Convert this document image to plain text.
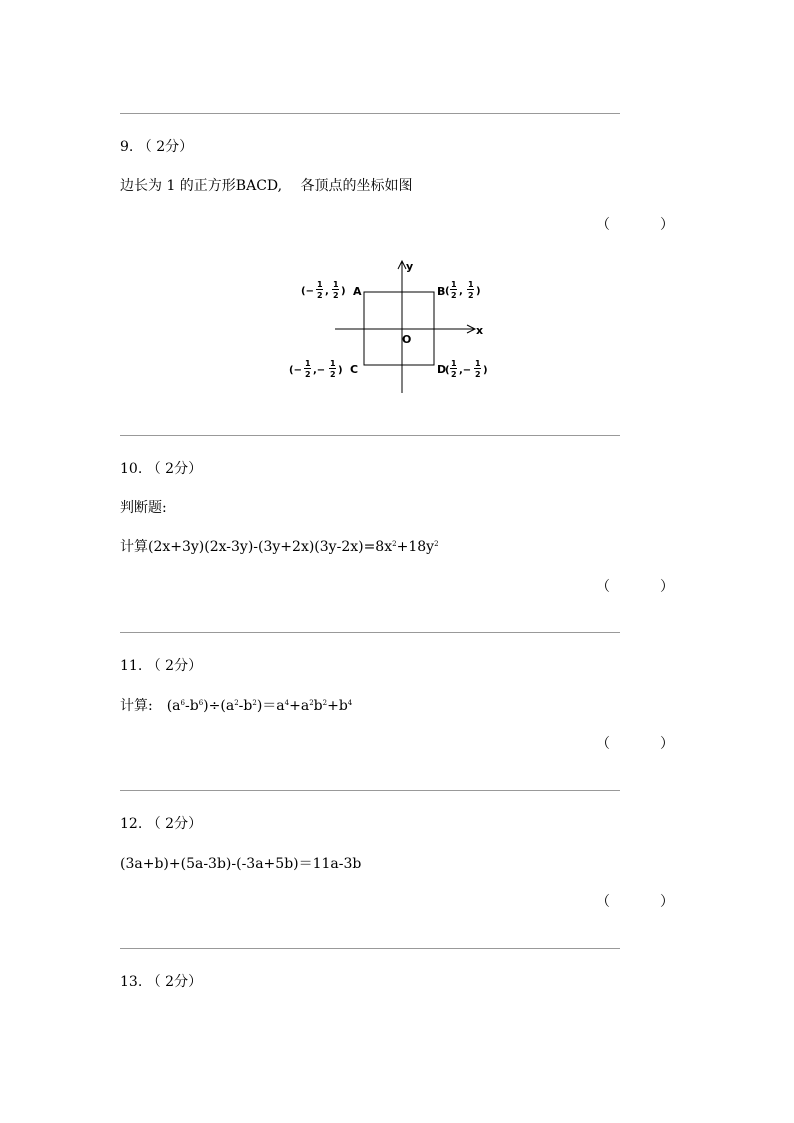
9. （ 2分）
边长为 1 的正方形BACD,　 各顶点的坐标如图
（	）
x
y
O
A	B
C	D
(−
1
2 ,
1
2 )	(
1
2 ,
1
2 )
(−
1
2 ,−
1
2 )	(
1
2 ,−
1
2 )
10. （ 2分）
判断题:
计算$(2x+3y)(2x-3y)-(3y+2x)(3y-2x)=8x^2+18y^2$
（	）
11. （ 2分）
计算:　$(a^6-b^6)\div(a^2-b^2)=a^4+a^2b^2+b^4$
（	）
12. （ 2分）
(3a+b)+(5a-3b)-(-3a+5b)＝11a-3b
（	）
13. （ 2分）
